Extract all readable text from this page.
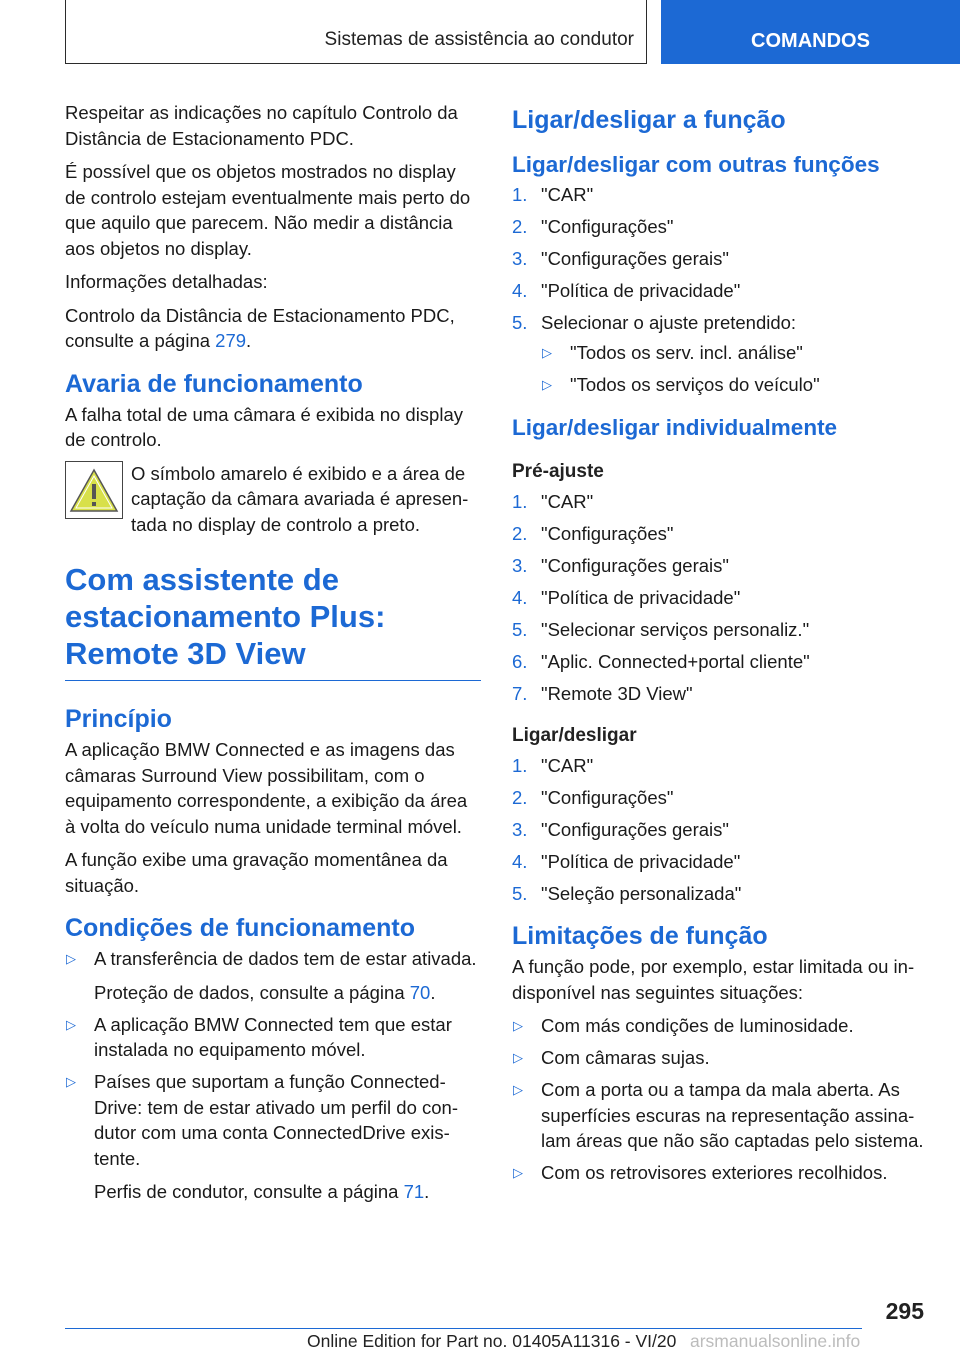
Sistemas de assistência ao condutor	COMANDOS

Respeitar as indicações no capítulo Controlo da Distância de Estacionamento PDC.

É possível que os objetos mostrados no display de controlo estejam eventualmente mais perto do que aquilo que parecem. Não medir a distância aos objetos no display.

Informações detalhadas:

Controlo da Distância de Estacionamento PDC, consulte a página 279.

Avaria de funcionamento

A falha total de uma câmara é exibida no display de controlo.

O símbolo amarelo é exibido e a área de captação da câmara avariada é apresentada no display de controlo a preto.

Com assistente de estacionamento Plus: Remote 3D View
Princípio

A aplicação BMW Connected e as imagens das câmaras Surround View possibilitam, com o equipamento correspondente, a exibição da área à volta do veículo numa unidade terminal móvel.

A função exibe uma gravação momentânea da situação.

Condições de funcionamento
▷ A transferência de dados tem de estar ativada.
Proteção de dados, consulte a página 70.
▷ A aplicação BMW Connected tem que estar instalada no equipamento móvel.
▷ Países que suportam a função ConnectedDrive: tem de estar ativado um perfil do condutor com uma conta ConnectedDrive existente.
Perfis de condutor, consulte a página 71.
Ligar/desligar a função
Ligar/desligar com outras funções
1. "CAR"
2. "Configurações"
3. "Configurações gerais"
4. "Política de privacidade"
5. Selecionar o ajuste pretendido:
▷ "Todos os serv. incl. análise"
▷ "Todos os serviços do veículo"
Ligar/desligar individualmente
Pré-ajuste
1. "CAR"
2. "Configurações"
3. "Configurações gerais"
4. "Política de privacidade"
5. "Selecionar serviços personaliz."
6. "Aplic. Connected+portal cliente"
7. "Remote 3D View"
Ligar/desligar
1. "CAR"
2. "Configurações"
3. "Configurações gerais"
4. "Política de privacidade"
5. "Seleção personalizada"
Limitações de função

A função pode, por exemplo, estar limitada ou indisponível nas seguintes situações:

▷ Com más condições de luminosidade.
▷ Com câmaras sujas.
▷ Com a porta ou a tampa da mala aberta. As superfícies escuras na representação assinalam áreas que não são captadas pelo sistema.
▷ Com os retrovisores exteriores recolhidos.
295
Online Edition for Part no. 01405A11316 - VI/20 arsmanualsonline.info
